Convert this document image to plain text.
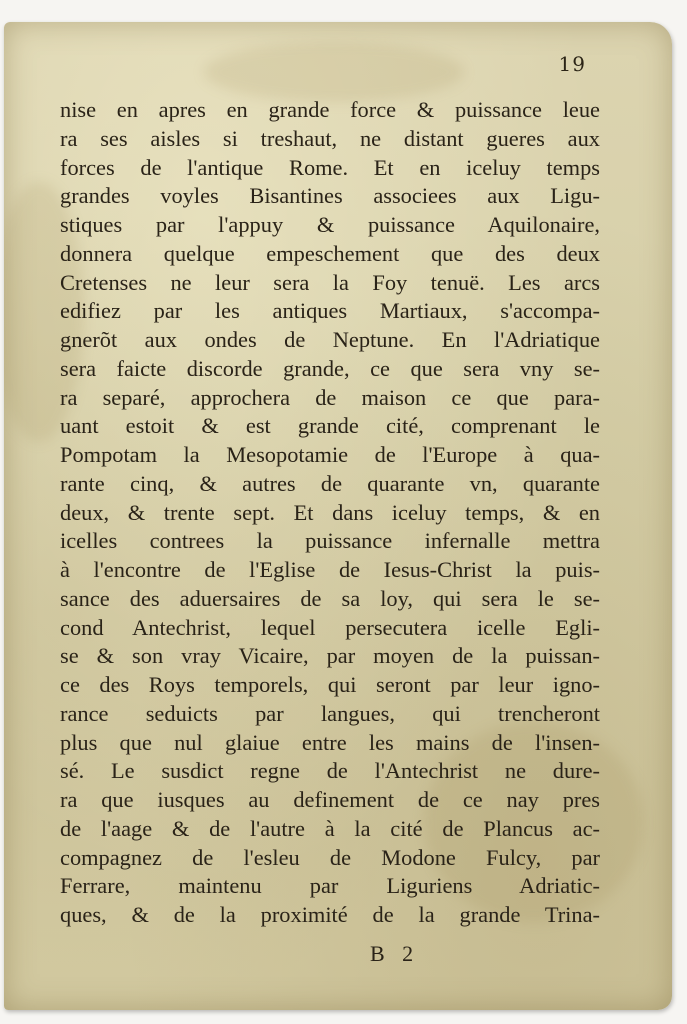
19
nise en apres en grande force & puissance leue
ra ses aisles si treshaut, ne distant gueres aux
forces de l'antique Rome. Et en iceluy temps
grandes voyles Bisantines associees aux Ligu-
stiques par l'appuy & puissance Aquilonaire,
donnera quelque empeschement que des deux
Cretenses ne leur sera la Foy tenuë. Les arcs
edifiez par les antiques Martiaux, s'accompa-
gnerõt aux ondes de Neptune. En l'Adriatique
sera faicte discorde grande, ce que sera vny se-
ra separé, approchera de maison ce que para-
uant estoit & est grande cité, comprenant le
Pompotam la Mesopotamie de l'Europe à qua-
rante cinq, & autres de quarante vn, quarante
deux, & trente sept. Et dans iceluy temps, & en
icelles contrees la puissance infernalle mettra
à l'encontre de l'Eglise de Iesus-Christ la puis-
sance des aduersaires de sa loy, qui sera le se-
cond Antechrist, lequel persecutera icelle Egli-
se & son vray Vicaire, par moyen de la puissan-
ce des Roys temporels, qui seront par leur igno-
rance seduicts par langues, qui trencheront
plus que nul glaiue entre les mains de l'insen-
sé. Le susdict regne de l'Antechrist ne dure-
ra que iusques au definement de ce nay pres
de l'aage & de l'autre à la cité de Plancus ac-
compagnez de l'esleu de Modone Fulcy, par
Ferrare, maintenu par Liguriens Adriatic-
ques, & de la proximité de la grande Trina-
B 2
